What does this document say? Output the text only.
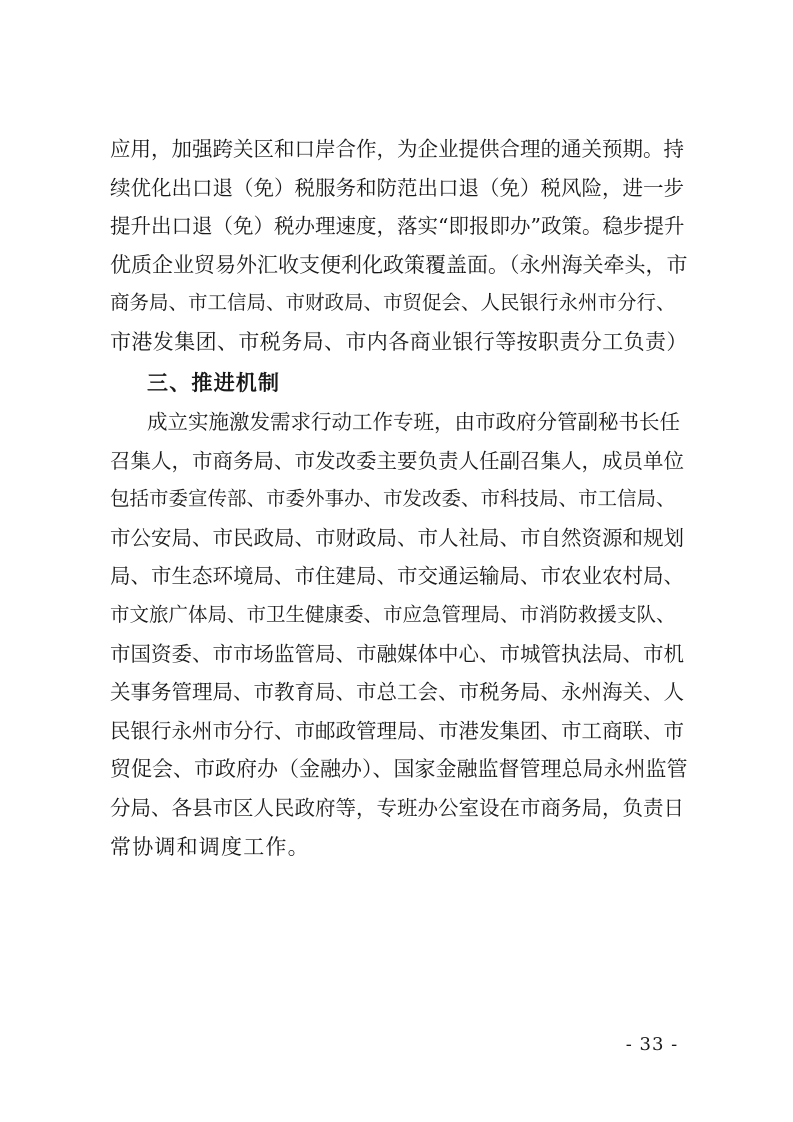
应用，加强跨关区和口岸合作，为企业提供合理的通关预期。持
续优化出口退（免）税服务和防范出口退（免）税风险，进一步
提升出口退（免）税办理速度，落实“即报即办”政策。稳步提升
优质企业贸易外汇收支便利化政策覆盖面。（永州海关牵头，市
商务局、市工信局、市财政局、市贸促会、人民银行永州市分行、
市港发集团、市税务局、市内各商业银行等按职责分工负责）
三、推进机制
成立实施激发需求行动工作专班，由市政府分管副秘书长任
召集人，市商务局、市发改委主要负责人任副召集人，成员单位
包括市委宣传部、市委外事办、市发改委、市科技局、市工信局、
市公安局、市民政局、市财政局、市人社局、市自然资源和规划
局、市生态环境局、市住建局、市交通运输局、市农业农村局、
市文旅广体局、市卫生健康委、市应急管理局、市消防救援支队、
市国资委、市市场监管局、市融媒体中心、市城管执法局、市机
关事务管理局、市教育局、市总工会、市税务局、永州海关、人
民银行永州市分行、市邮政管理局、市港发集团、市工商联、市
贸促会、市政府办（金融办）、国家金融监督管理总局永州监管
分局、各县市区人民政府等，专班办公室设在市商务局，负责日
常协调和调度工作。
- 33 -
